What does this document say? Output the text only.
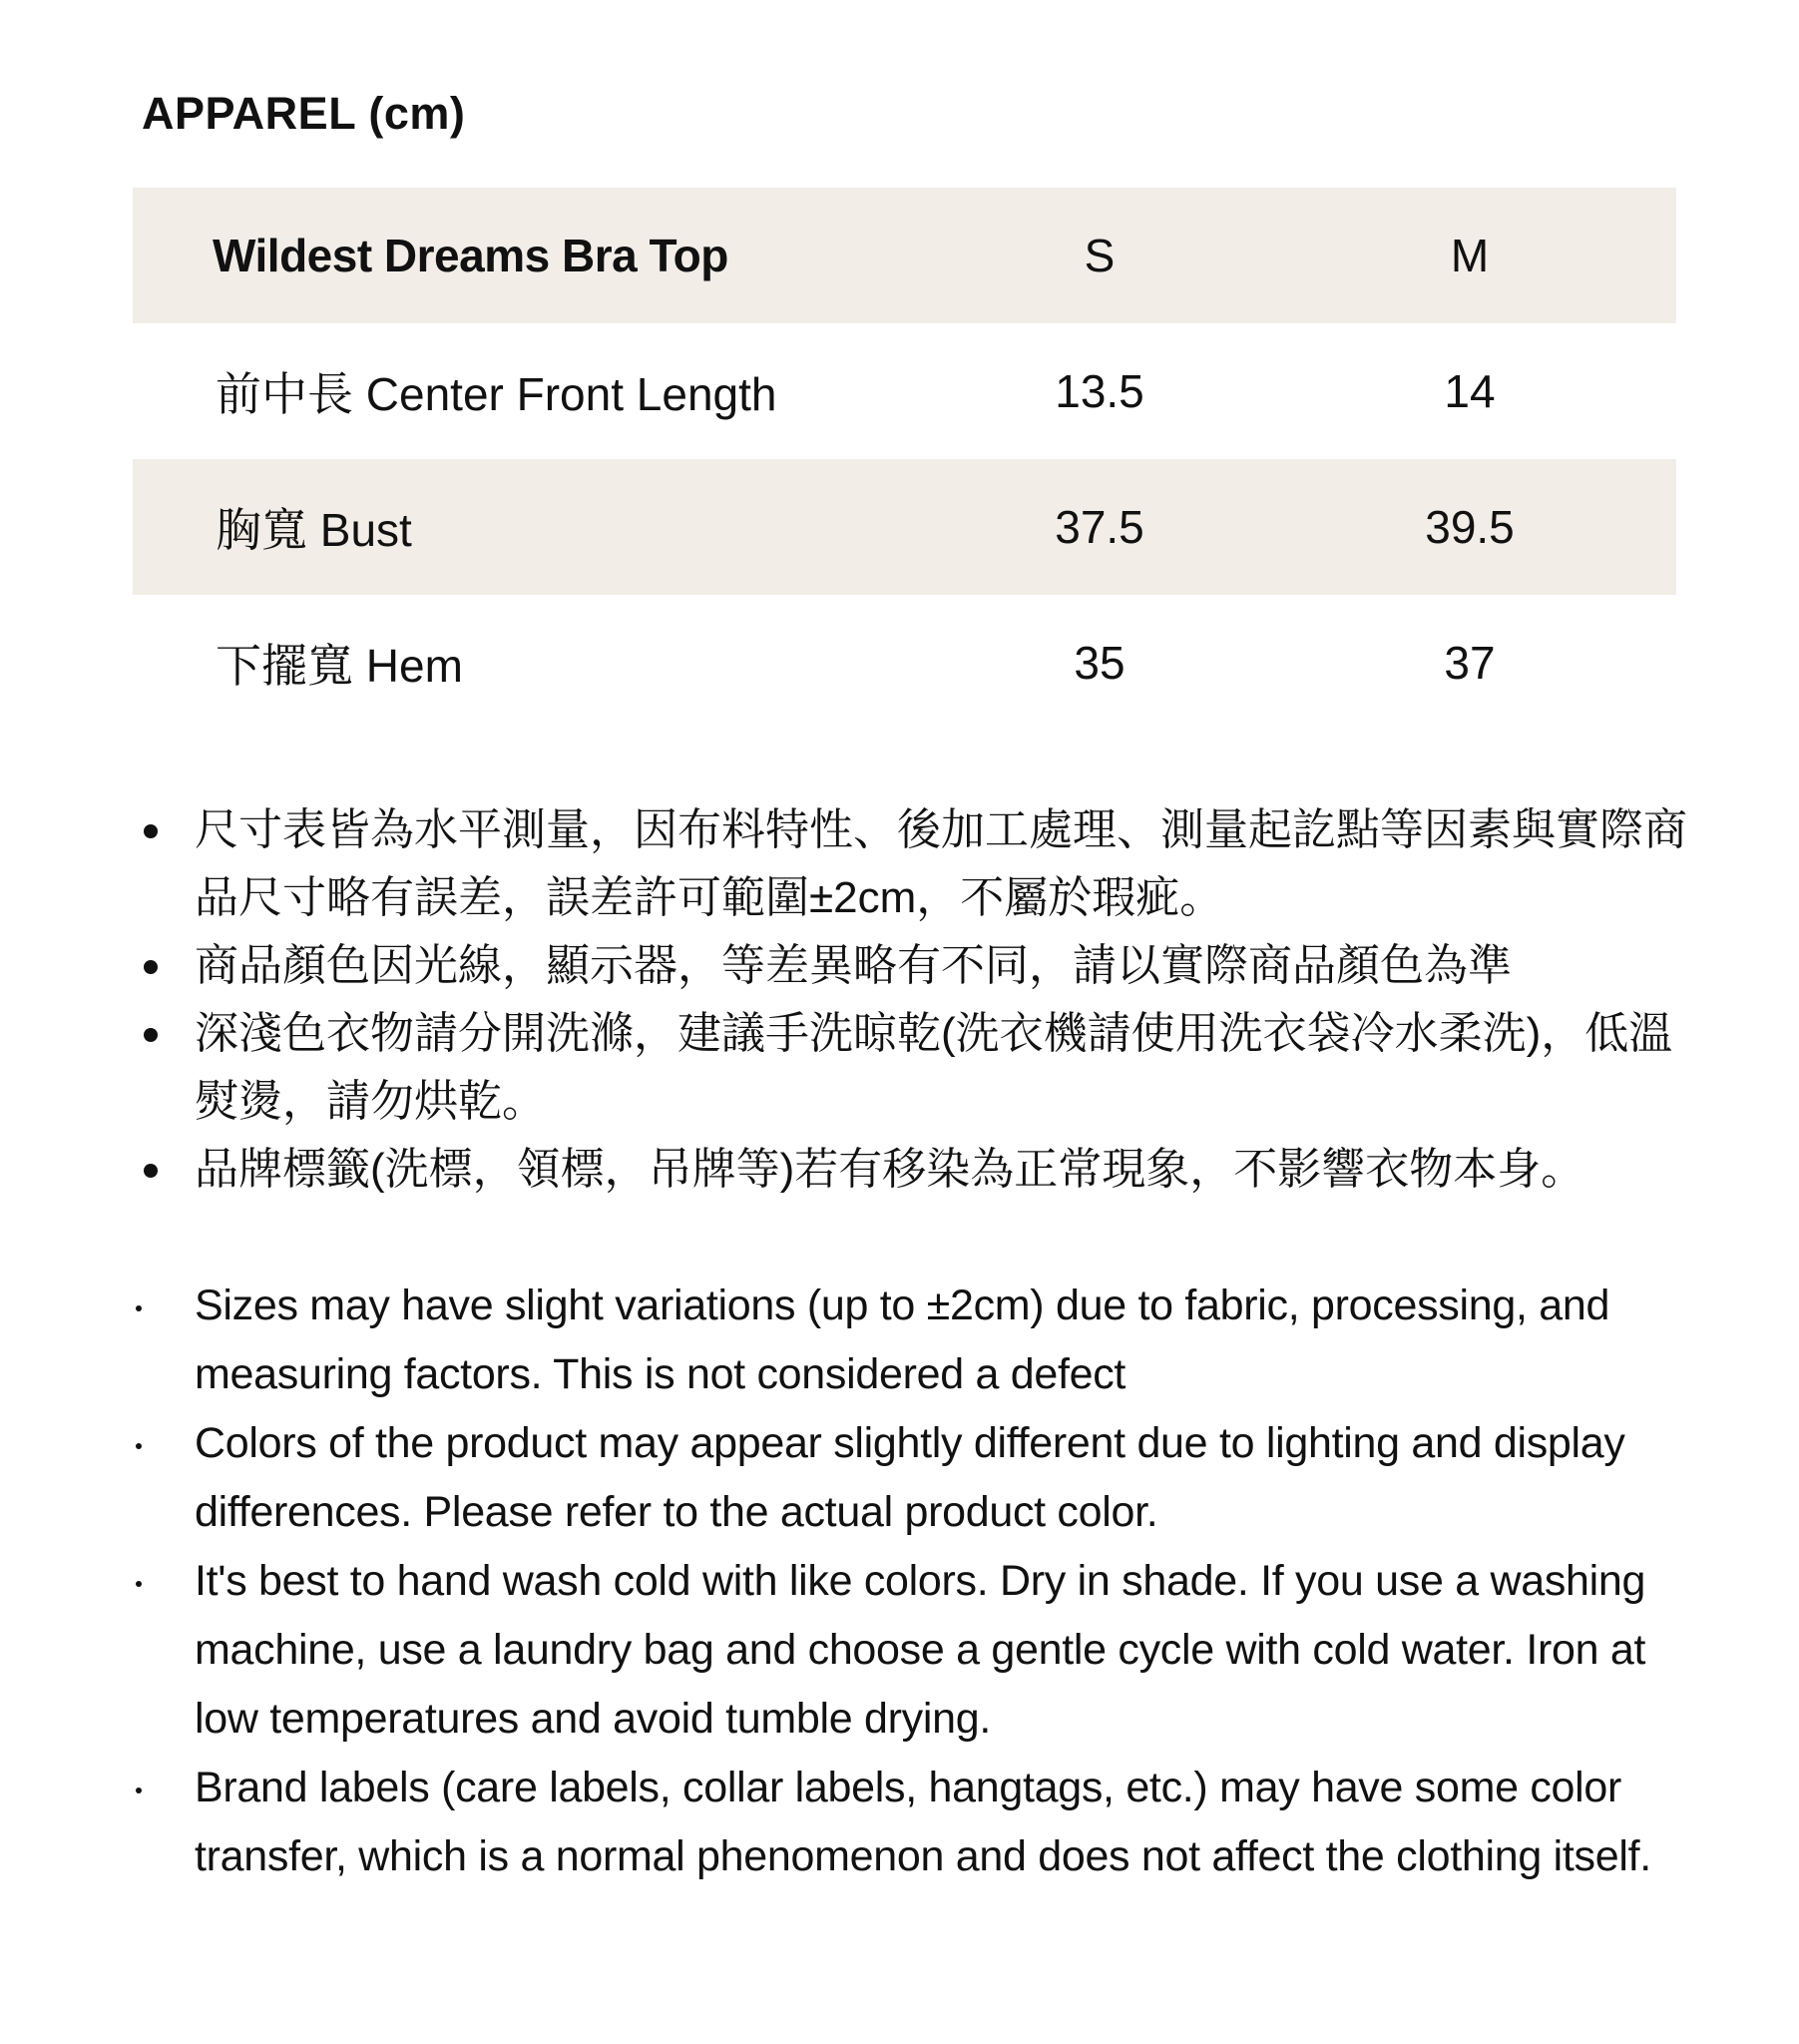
APPAREL (cm)
Wildest Dreams Bra Top	S	M
前中長 Center Front Length	13.5	14
胸寬 Bust	37.5	39.5
下擺寬 Hem	35	37
尺寸表皆為水平測量，因布料特性、後加工處理、測量起訖點等因素與實際商品尺寸略有誤差，誤差許可範圍±2cm，不屬於瑕疵。
商品顏色因光線，顯示器，等差異略有不同，請以實際商品顏色為準
深淺色衣物請分開洗滌，建議手洗晾乾(洗衣機請使用洗衣袋冷水柔洗)，低溫熨燙，請勿烘乾。
品牌標籤(洗標，領標，吊牌等)若有移染為正常現象，不影響衣物本身。
Sizes may have slight variations (up to ±2cm) due to fabric, processing, and measuring factors. This is not considered a defect
Colors of the product may appear slightly different due to lighting and display differences. Please refer to the actual product color.
It's best to hand wash cold with like colors. Dry in shade. If you use a washing machine, use a laundry bag and choose a gentle cycle with cold water. Iron at low temperatures and avoid tumble drying.
Brand labels (care labels, collar labels, hangtags, etc.) may have some color transfer, which is a normal phenomenon and does not affect the clothing itself.
